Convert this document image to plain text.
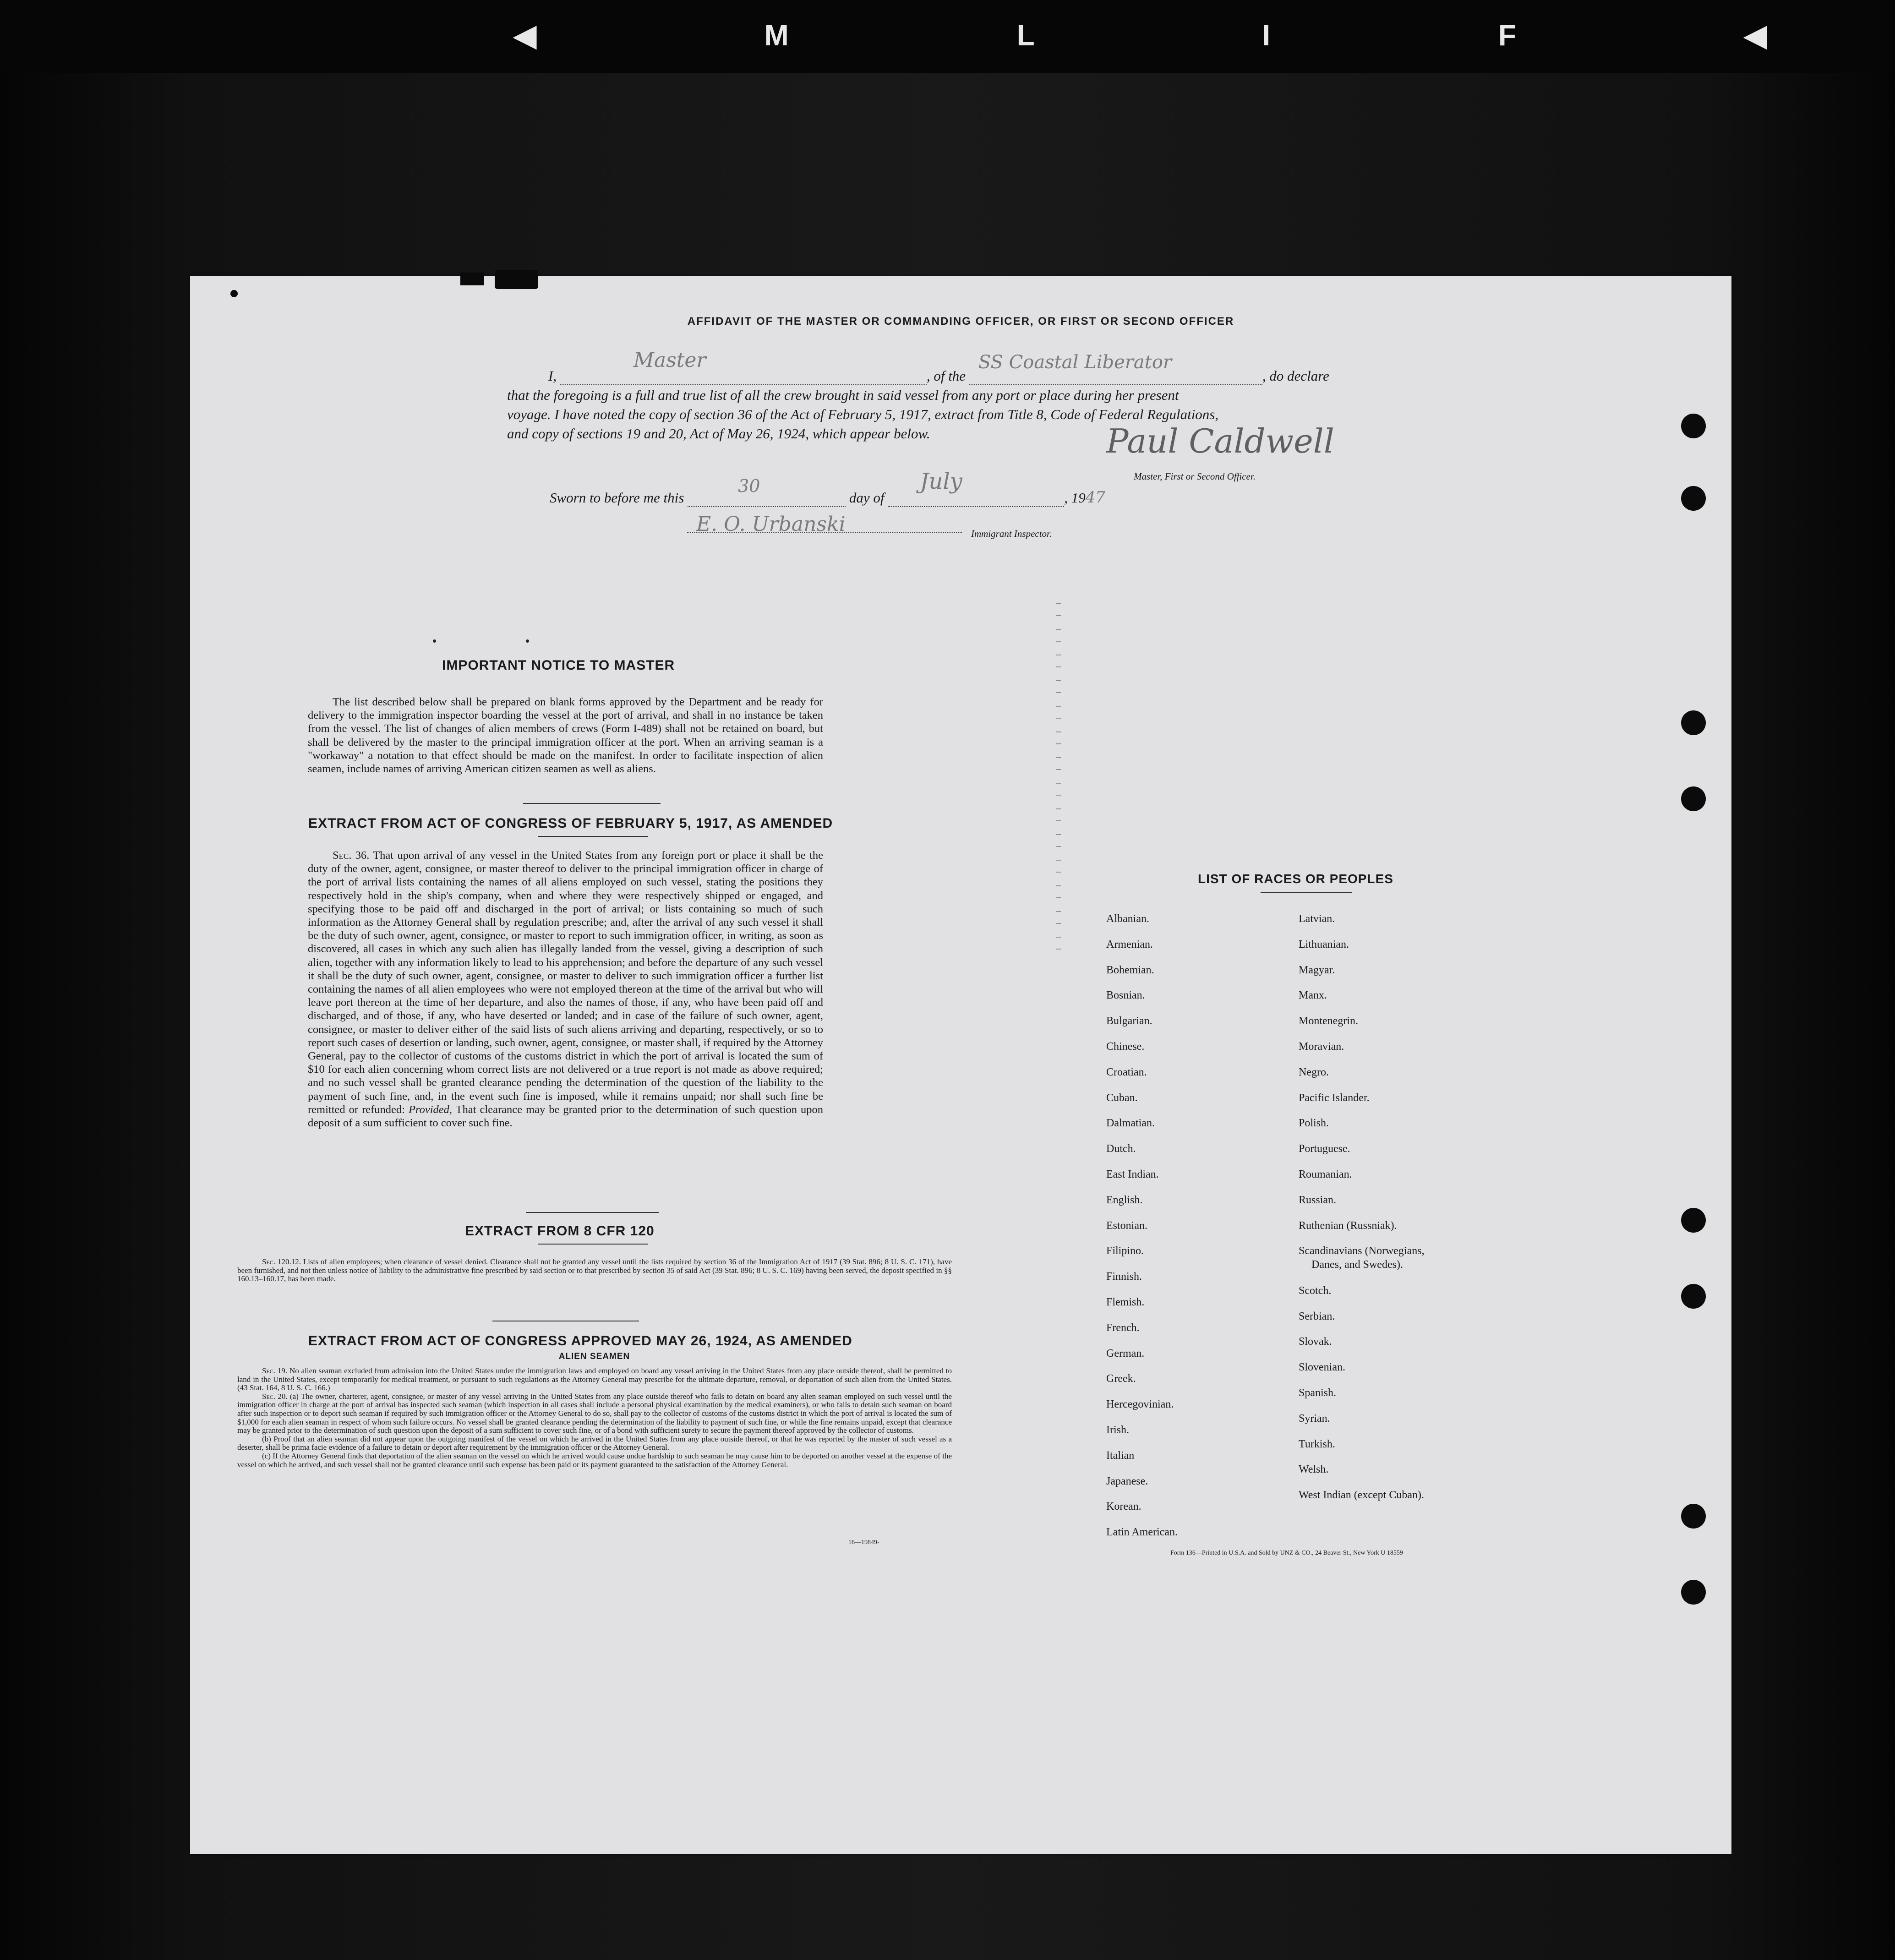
◀ M L I F ◀
AFFIDAVIT OF THE MASTER OR COMMANDING OFFICER, OR FIRST OR SECOND OFFICER
I,
Master
, of the
SS Coastal Liberator
, do declare
that the foregoing is a full and true list of all the crew brought in said vessel from any port or place during her present
voyage. I have noted the copy of section 36 of the Act of February 5, 1917, extract from Title 8, Code of Federal Regulations,
and copy of sections 19 and 20, Act of May 26, 1924, which appear below.	Paul Caldwell
Master, First or Second Officer.
Sworn to before me this
30
day of
July
, 1947
E. O. Urbanski	Immigrant Inspector.
IMPORTANT NOTICE TO MASTER
The list described below shall be prepared on blank forms approved by the Department and be ready for delivery to the immigration inspector boarding the vessel at the port of arrival, and shall in no instance be taken from the vessel. The list of changes of alien members of crews (Form I-489) shall not be retained on board, but shall be delivered by the master to the principal immigration officer at the port. When an arriving seaman is a "workaway" a notation to that effect should be made on the manifest. In order to facilitate inspection of alien seamen, include names of arriving American citizen seamen as well as aliens.
EXTRACT FROM ACT OF CONGRESS OF FEBRUARY 5, 1917, AS AMENDED
Sec. 36. That upon arrival of any vessel in the United States from any foreign port or place it shall be the duty of the owner, agent, consignee, or master thereof to deliver to the principal immigration officer in charge of the port of arrival lists containing the names of all aliens employed on such vessel, stating the positions they respectively hold in the ship's company, when and where they were respectively shipped or engaged, and specifying those to be paid off and discharged in the port of arrival; or lists containing so much of such information as the Attorney General shall by regulation prescribe; and, after the arrival of any such vessel it shall be the duty of such owner, agent, consignee, or master to report to such immigration officer, in writing, as soon as discovered, all cases in which any such alien has illegally landed from the vessel, giving a description of such alien, together with any information likely to lead to his apprehension; and before the departure of any such vessel it shall be the duty of such owner, agent, consignee, or master to deliver to such immigration officer a further list containing the names of all alien employees who were not employed thereon at the time of the arrival but who will leave port thereon at the time of her departure, and also the names of those, if any, who have been paid off and discharged, and of those, if any, who have deserted or landed; and in case of the failure of such owner, agent, consignee, or master to deliver either of the said lists of such aliens arriving and departing, respectively, or so to report such cases of desertion or landing, such owner, agent, consignee, or master shall, if required by the Attorney General, pay to the collector of customs of the customs district in which the port of arrival is located the sum of $10 for each alien concerning whom correct lists are not delivered or a true report is not made as above required; and no such vessel shall be granted clearance pending the determination of the question of the liability to the payment of such fine, and, in the event such fine is imposed, while it remains unpaid; nor shall such fine be remitted or refunded: Provided, That clearance may be granted prior to the determination of such question upon deposit of a sum sufficient to cover such fine.
EXTRACT FROM 8 CFR 120
Sec. 120.12. Lists of alien employees; when clearance of vessel denied. Clearance shall not be granted any vessel until the lists required by section 36 of the Immigration Act of 1917 (39 Stat. 896; 8 U. S. C. 171), have been furnished, and not then unless notice of liability to the administrative fine prescribed by said section or to that prescribed by section 35 of said Act (39 Stat. 896; 8 U. S. C. 169) having been served, the deposit specified in §§ 160.13–160.17, has been made.
EXTRACT FROM ACT OF CONGRESS APPROVED MAY 26, 1924, AS AMENDED
ALIEN SEAMEN
Sec. 19. No alien seaman excluded from admission into the United States under the immigration laws and employed on board any vessel arriving in the United States from any place outside thereof, shall be permitted to land in the United States, except temporarily for medical treatment, or pursuant to such regulations as the Attorney General may prescribe for the ultimate departure, removal, or deportation of such alien from the United States. (43 Stat. 164, 8 U. S. C. 166.)
Sec. 20. (a) The owner, charterer, agent, consignee, or master of any vessel arriving in the United States from any place outside thereof who fails to detain on board any alien seaman employed on such vessel until the immigration officer in charge at the port of arrival has inspected such seaman (which inspection in all cases shall include a personal physical examination by the medical examiners), or who fails to detain such seaman on board after such inspection or to deport such seaman if required by such immigration officer or the Attorney General to do so, shall pay to the collector of customs of the customs district in which the port of arrival is located the sum of $1,000 for each alien seaman in respect of whom such failure occurs. No vessel shall be granted clearance pending the determination of the liability to payment of such fine, or while the fine remains unpaid, except that clearance may be granted prior to the determination of such question upon the deposit of a sum sufficient to cover such fine, or of a bond with sufficient surety to secure the payment thereof approved by the collector of customs.
(b) Proof that an alien seaman did not appear upon the outgoing manifest of the vessel on which he arrived in the United States from any place outside thereof, or that he was reported by the master of such vessel as a deserter, shall be prima facie evidence of a failure to detain or deport after requirement by the immigration officer or the Attorney General.
(c) If the Attorney General finds that deportation of the alien seaman on the vessel on which he arrived would cause undue hardship to such seaman he may cause him to be deported on another vessel at the expense of the vessel on which he arrived, and such vessel shall not be granted clearance until such expense has been paid or its payment guaranteed to the satisfaction of the Attorney General.
16—19849-
LIST OF RACES OR PEOPLES
Albanian.
Armenian.
Bohemian.
Bosnian.
Bulgarian.
Chinese.
Croatian.
Cuban.
Dalmatian.
Dutch.
East Indian.
English.
Estonian.
Filipino.
Finnish.
Flemish.
French.
German.
Greek.
Hercegovinian.
Irish.
Italian
Japanese.
Korean.
Latin American.
Latvian.
Lithuanian.
Magyar.
Manx.
Montenegrin.
Moravian.
Negro.
Pacific Islander.
Polish.
Portuguese.
Roumanian.
Russian.
Ruthenian (Russniak).
Scandinavians (Norwegians,
Danes, and Swedes).
Scotch.
Serbian.
Slovak.
Slovenian.
Spanish.
Syrian.
Turkish.
Welsh.
West Indian (except Cuban).
– –
– –
– –
– –
– –
– –
– –
– –
– –
– –
– –
– –
– –
– –
Form 136—Printed in U.S.A. and Sold by UNZ & CO., 24 Beaver St., New York U 18559
